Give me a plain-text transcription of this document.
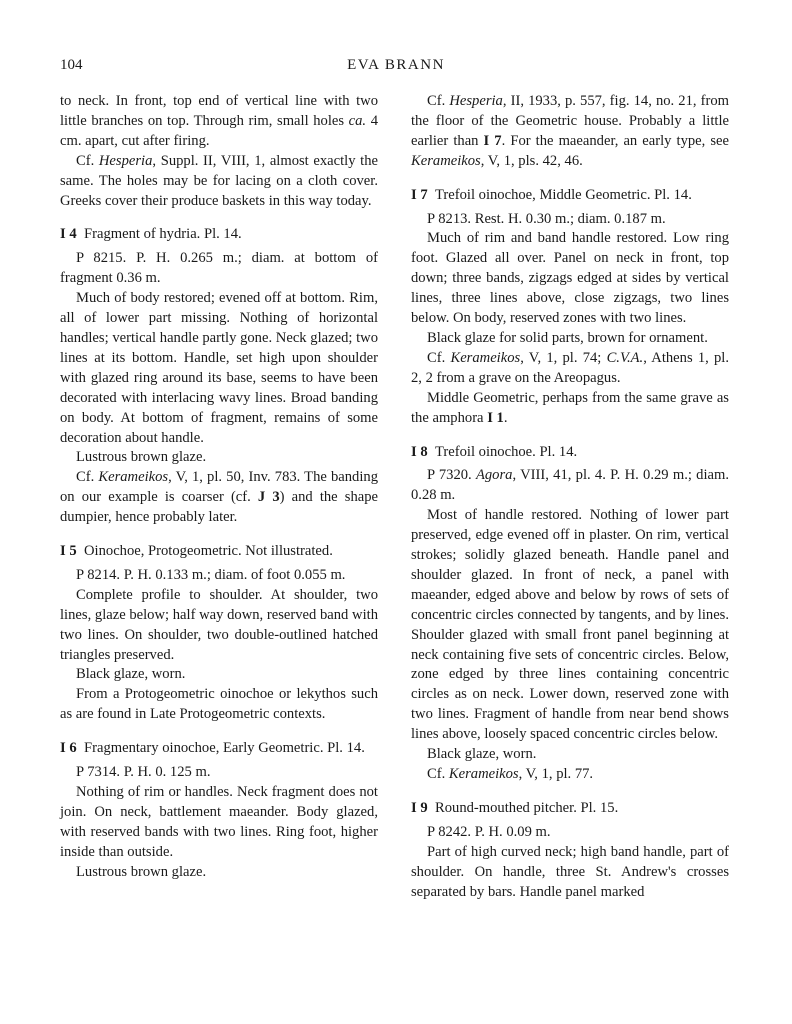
104	EVA BRANN

to neck. In front, top end of vertical line with two little branches on top. Through rim, small holes ca. 4 cm. apart, cut after firing.

Cf. Hesperia, Suppl. II, VIII, 1, almost exactly the same. The holes may be for lacing on a cloth cover. Greeks cover their produce baskets in this way today.

I 4 Fragment of hydria. Pl. 14.

P 8215. P. H. 0.265 m.; diam. at bottom of fragment 0.36 m.

Much of body restored; evened off at bottom. Rim, all of lower part missing. Nothing of horizontal handles; vertical handle partly gone. Neck glazed; two lines at its bottom. Handle, set high upon shoulder with glazed ring around its base, seems to have been decorated with interlacing wavy lines. Broad banding on body. At bottom of fragment, remains of some decoration about handle.

Lustrous brown glaze.

Cf. Kerameikos, V, 1, pl. 50, Inv. 783. The banding on our example is coarser (cf. J 3) and the shape dumpier, hence probably later.

I 5 Oinochoe, Protogeometric. Not illustrated.

P 8214. P. H. 0.133 m.; diam. of foot 0.055 m.

Complete profile to shoulder. At shoulder, two lines, glaze below; half way down, reserved band with two lines. On shoulder, two double-outlined hatched triangles preserved.

Black glaze, worn.

From a Protogeometric oinochoe or lekythos such as are found in Late Protogeometric contexts.

I 6 Fragmentary oinochoe, Early Geometric. Pl. 14.

P 7314. P. H. 0. 125 m.

Nothing of rim or handles. Neck fragment does not join. On neck, battlement maeander. Body glazed, with reserved bands with two lines. Ring foot, higher inside than outside.

Lustrous brown glaze.

Cf. Hesperia, II, 1933, p. 557, fig. 14, no. 21, from the floor of the Geometric house. Probably a little earlier than I 7. For the maeander, an early type, see Kerameikos, V, 1, pls. 42, 46.

I 7 Trefoil oinochoe, Middle Geometric. Pl. 14.

P 8213. Rest. H. 0.30 m.; diam. 0.187 m.

Much of rim and band handle restored. Low ring foot. Glazed all over. Panel on neck in front, top down; three bands, zigzags edged at sides by vertical lines, three lines above, close zigzags, two lines below. On body, reserved zones with two lines.

Black glaze for solid parts, brown for ornament.

Cf. Kerameikos, V, 1, pl. 74; C.V.A., Athens 1, pl. 2, 2 from a grave on the Areopagus.

Middle Geometric, perhaps from the same grave as the amphora I 1.

I 8 Trefoil oinochoe. Pl. 14.

P 7320. Agora, VIII, 41, pl. 4. P. H. 0.29 m.; diam. 0.28 m.

Most of handle restored. Nothing of lower part preserved, edge evened off in plaster. On rim, vertical strokes; solidly glazed beneath. Handle panel and shoulder glazed. In front of neck, a panel with maeander, edged above and below by rows of sets of concentric circles connected by tangents, and by lines. Shoulder glazed with small front panel beginning at neck containing five sets of concentric circles. Below, zone edged by three lines containing concentric circles as on neck. Lower down, reserved zone with two lines. Fragment of handle from near bend shows lines above, loosely spaced concentric circles below.

Black glaze, worn.

Cf. Kerameikos, V, 1, pl. 77.

I 9 Round-mouthed pitcher. Pl. 15.

P 8242. P. H. 0.09 m.

Part of high curved neck; high band handle, part of shoulder. On handle, three St. Andrew's crosses separated by bars. Handle panel marked
